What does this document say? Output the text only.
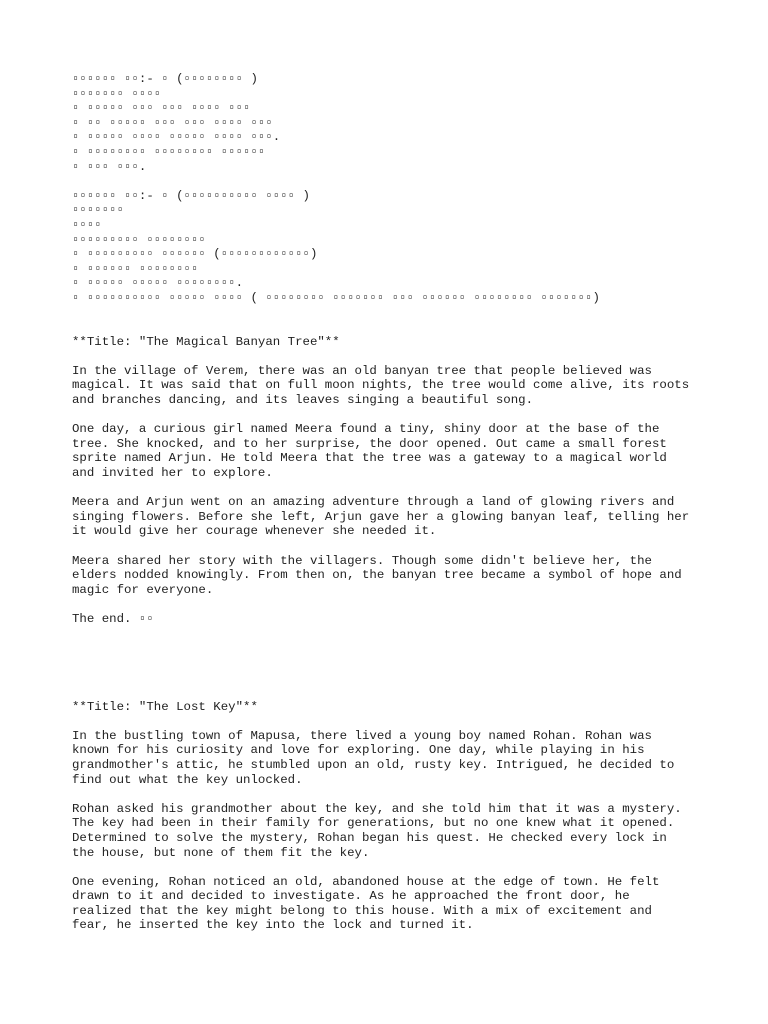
▫▫▫▫▫▫ ▫▫:- ▫ (▫▫▫▫▫▫▫▫ )
▫▫▫▫▫▫▫ ▫▫▫▫
▫ ▫▫▫▫▫ ▫▫▫ ▫▫▫ ▫▫▫▫ ▫▫▫
▫ ▫▫ ▫▫▫▫▫ ▫▫▫ ▫▫▫ ▫▫▫▫ ▫▫▫
▫ ▫▫▫▫▫ ▫▫▫▫ ▫▫▫▫▫ ▫▫▫▫ ▫▫▫.
▫ ▫▫▫▫▫▫▫▫ ▫▫▫▫▫▫▫▫ ▫▫▫▫▫▫
▫ ▫▫▫ ▫▫▫.
▫▫▫▫▫▫ ▫▫:- ▫ (▫▫▫▫▫▫▫▫▫▫ ▫▫▫▫ )
▫▫▫▫▫▫▫
▫▫▫▫
▫▫▫▫▫▫▫▫▫ ▫▫▫▫▫▫▫▫
▫ ▫▫▫▫▫▫▫▫▫ ▫▫▫▫▫▫ (▫▫▫▫▫▫▫▫▫▫▫▫)
▫ ▫▫▫▫▫▫ ▫▫▫▫▫▫▫▫
▫ ▫▫▫▫▫ ▫▫▫▫▫ ▫▫▫▫▫▫▫▫.
▫ ▫▫▫▫▫▫▫▫▫▫ ▫▫▫▫▫ ▫▫▫▫ ( ▫▫▫▫▫▫▫▫ ▫▫▫▫▫▫▫ ▫▫▫ ▫▫▫▫▫▫ ▫▫▫▫▫▫▫▫ ▫▫▫▫▫▫▫)
**Title: "The Magical Banyan Tree"**

In the village of Verem, there was an old banyan tree that people believed was
magical. It was said that on full moon nights, the tree would come alive, its roots
and branches dancing, and its leaves singing a beautiful song.

One day, a curious girl named Meera found a tiny, shiny door at the base of the
tree. She knocked, and to her surprise, the door opened. Out came a small forest
sprite named Arjun. He told Meera that the tree was a gateway to a magical world
and invited her to explore.

Meera and Arjun went on an amazing adventure through a land of glowing rivers and
singing flowers. Before she left, Arjun gave her a glowing banyan leaf, telling her
it would give her courage whenever she needed it.

Meera shared her story with the villagers. Though some didn't believe her, the
elders nodded knowingly. From then on, the banyan tree became a symbol of hope and
magic for everyone.

The end. ▫▫

**Title: "The Lost Key"**

In the bustling town of Mapusa, there lived a young boy named Rohan. Rohan was
known for his curiosity and love for exploring. One day, while playing in his
grandmother's attic, he stumbled upon an old, rusty key. Intrigued, he decided to
find out what the key unlocked.

Rohan asked his grandmother about the key, and she told him that it was a mystery.
The key had been in their family for generations, but no one knew what it opened.
Determined to solve the mystery, Rohan began his quest. He checked every lock in
the house, but none of them fit the key.

One evening, Rohan noticed an old, abandoned house at the edge of town. He felt
drawn to it and decided to investigate. As he approached the front door, he
realized that the key might belong to this house. With a mix of excitement and
fear, he inserted the key into the lock and turned it.
